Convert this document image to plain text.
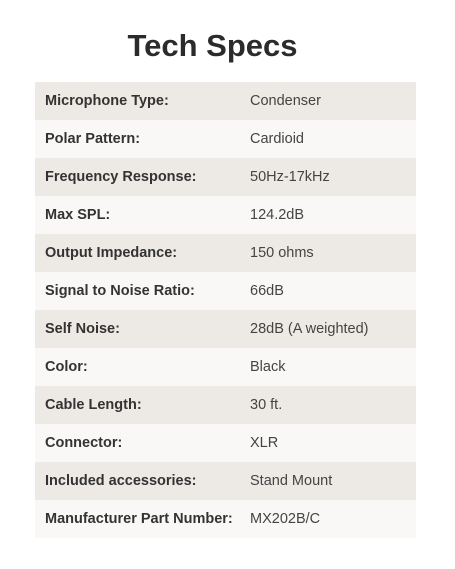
Tech Specs
Microphone Type:	Condenser
Polar Pattern:	Cardioid
Frequency Response:	50Hz-17kHz
Max SPL:	124.2dB
Output Impedance:	150 ohms
Signal to Noise Ratio:	66dB
Self Noise:	28dB (A weighted)
Color:	Black
Cable Length:	30 ft.
Connector:	XLR
Included accessories:	Stand Mount
Manufacturer Part Number:	MX202B/C
